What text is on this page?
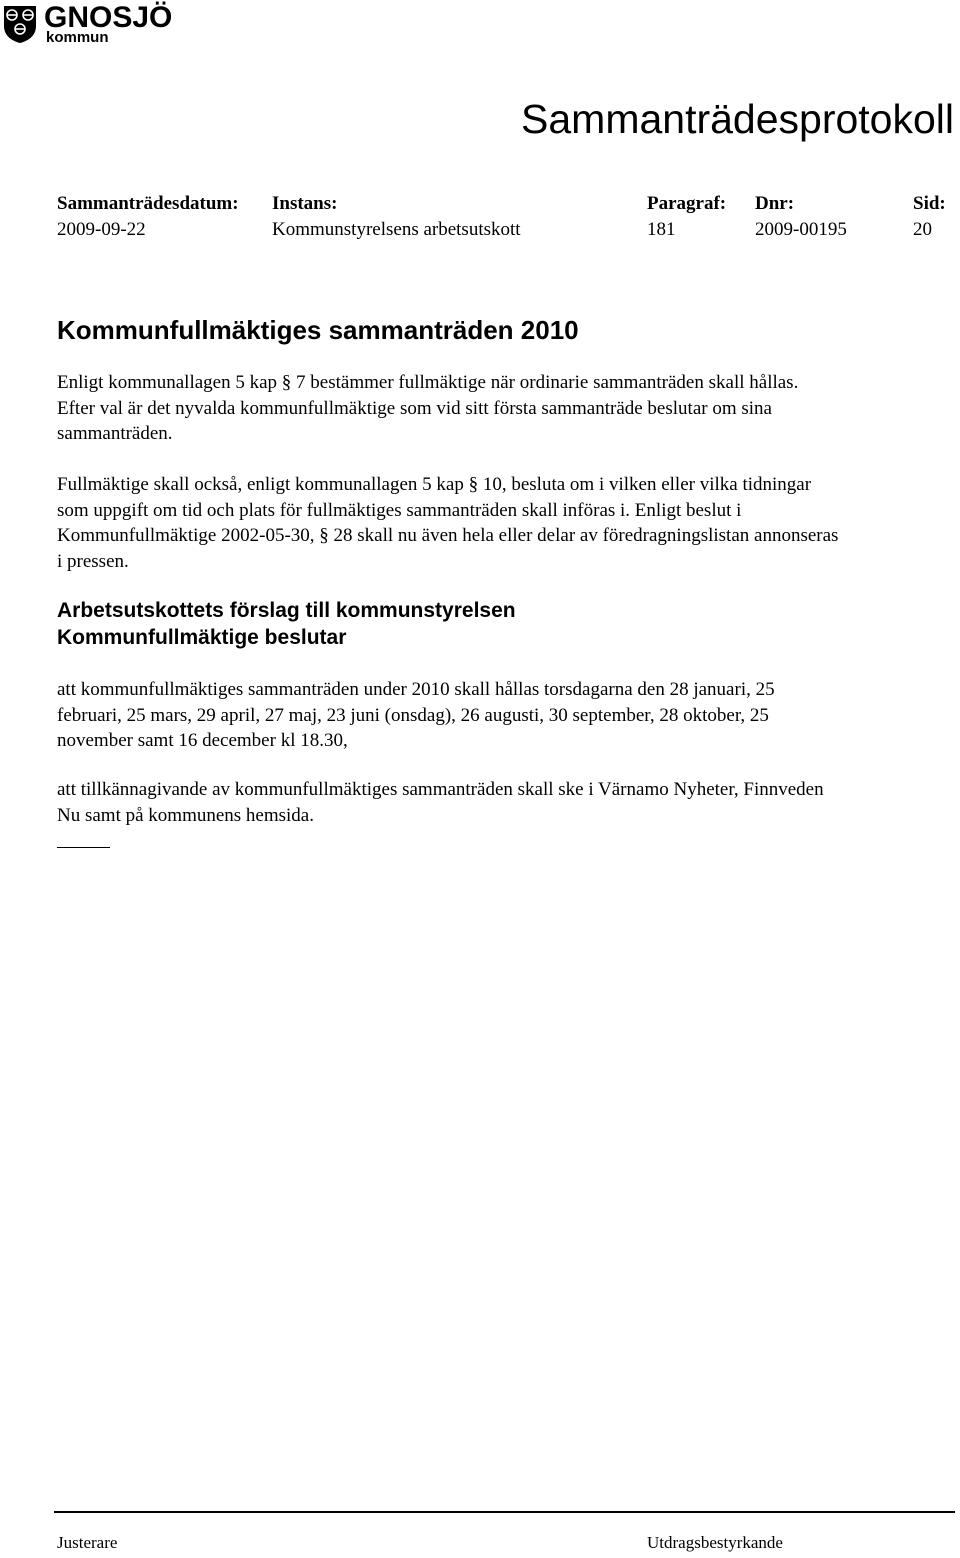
GNOSJÖ
kommun
Sammanträdesprotokoll
Sammanträdesdatum:
2009-09-22
Instans:
Kommunstyrelsens arbetsutskott
Paragraf:
181
Dnr:
2009-00195
Sid:
20
Kommunfullmäktiges sammanträden 2010
Enligt kommunallagen 5 kap § 7 bestämmer fullmäktige när ordinarie sammanträden skall hållas.
Efter val är det nyvalda kommunfullmäktige som vid sitt första sammanträde beslutar om sina
sammanträden.
Fullmäktige skall också, enligt kommunallagen 5 kap § 10, besluta om i vilken eller vilka tidningar
som uppgift om tid och plats för fullmäktiges sammanträden skall införas i. Enligt beslut i
Kommunfullmäktige 2002-05-30, § 28 skall nu även hela eller delar av föredragningslistan annonseras
i pressen.
Arbetsutskottets förslag till kommunstyrelsen
Kommunfullmäktige beslutar
att kommunfullmäktiges sammanträden under 2010 skall hållas torsdagarna den 28 januari, 25
februari, 25 mars, 29 april, 27 maj, 23 juni (onsdag), 26 augusti, 30 september, 28 oktober, 25
november samt 16 december kl 18.30,
att tillkännagivande av kommunfullmäktiges sammanträden skall ske i Värnamo Nyheter, Finnveden
Nu samt på kommunens hemsida.
Justerare	Utdragsbestyrkande
